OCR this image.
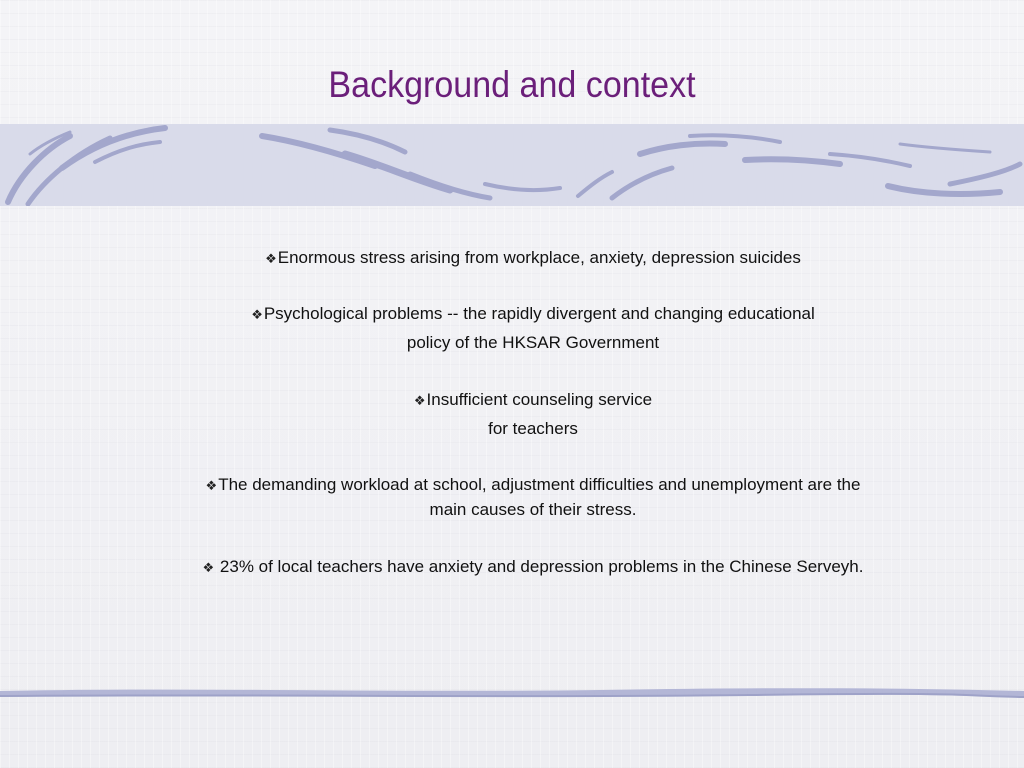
Background and context
❖Enormous stress arising from workplace, anxiety, depression suicides
❖Psychological problems -- the rapidly divergent and changing educational
policy of the HKSAR Government
❖Insufficient counseling service
for teachers
❖The demanding workload at school, adjustment difficulties and unemployment are the
main causes of their stress.
❖ 23% of local teachers have anxiety and depression problems in the Chinese Serveyh.
